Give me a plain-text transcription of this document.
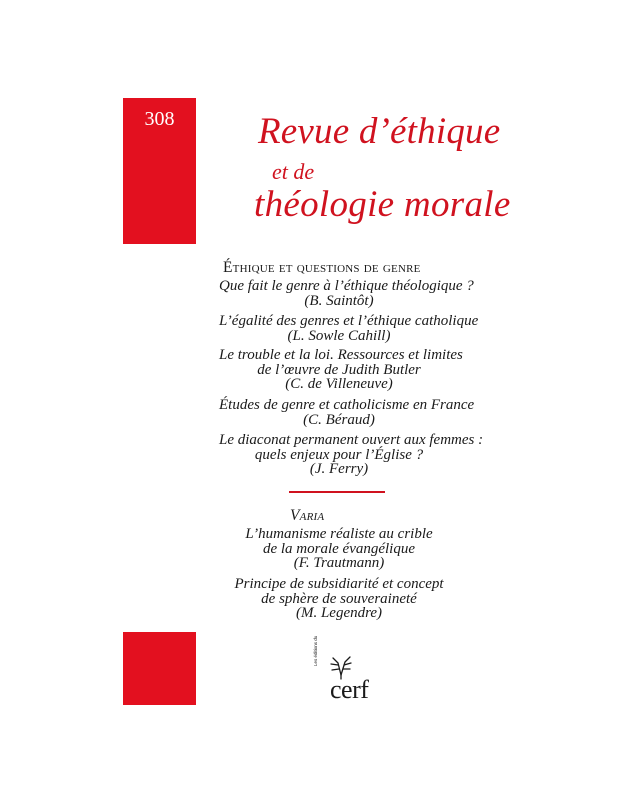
308	Revue d’éthique
et de
théologie morale
Éthique et questions de genre
Que fait le genre à l’éthique théologique ?
(B. Saintôt)
L’égalité des genres et l’éthique catholique
(L. Sowle Cahill)
Le trouble et la loi. Ressources et limites
de l’œuvre de Judith Butler
(C. de Villeneuve)
Études de genre et catholicisme en France
(C. Béraud)
Le diaconat permanent ouvert aux femmes :
quels enjeux pour l’Église ?
(J. Ferry)
Varia
L’humanisme réaliste au crible
de la morale évangélique
(F. Trautmann)
Principe de subsidiarité et concept
de sphère de souveraineté
(M. Legendre)
Les éditions du
cerf
